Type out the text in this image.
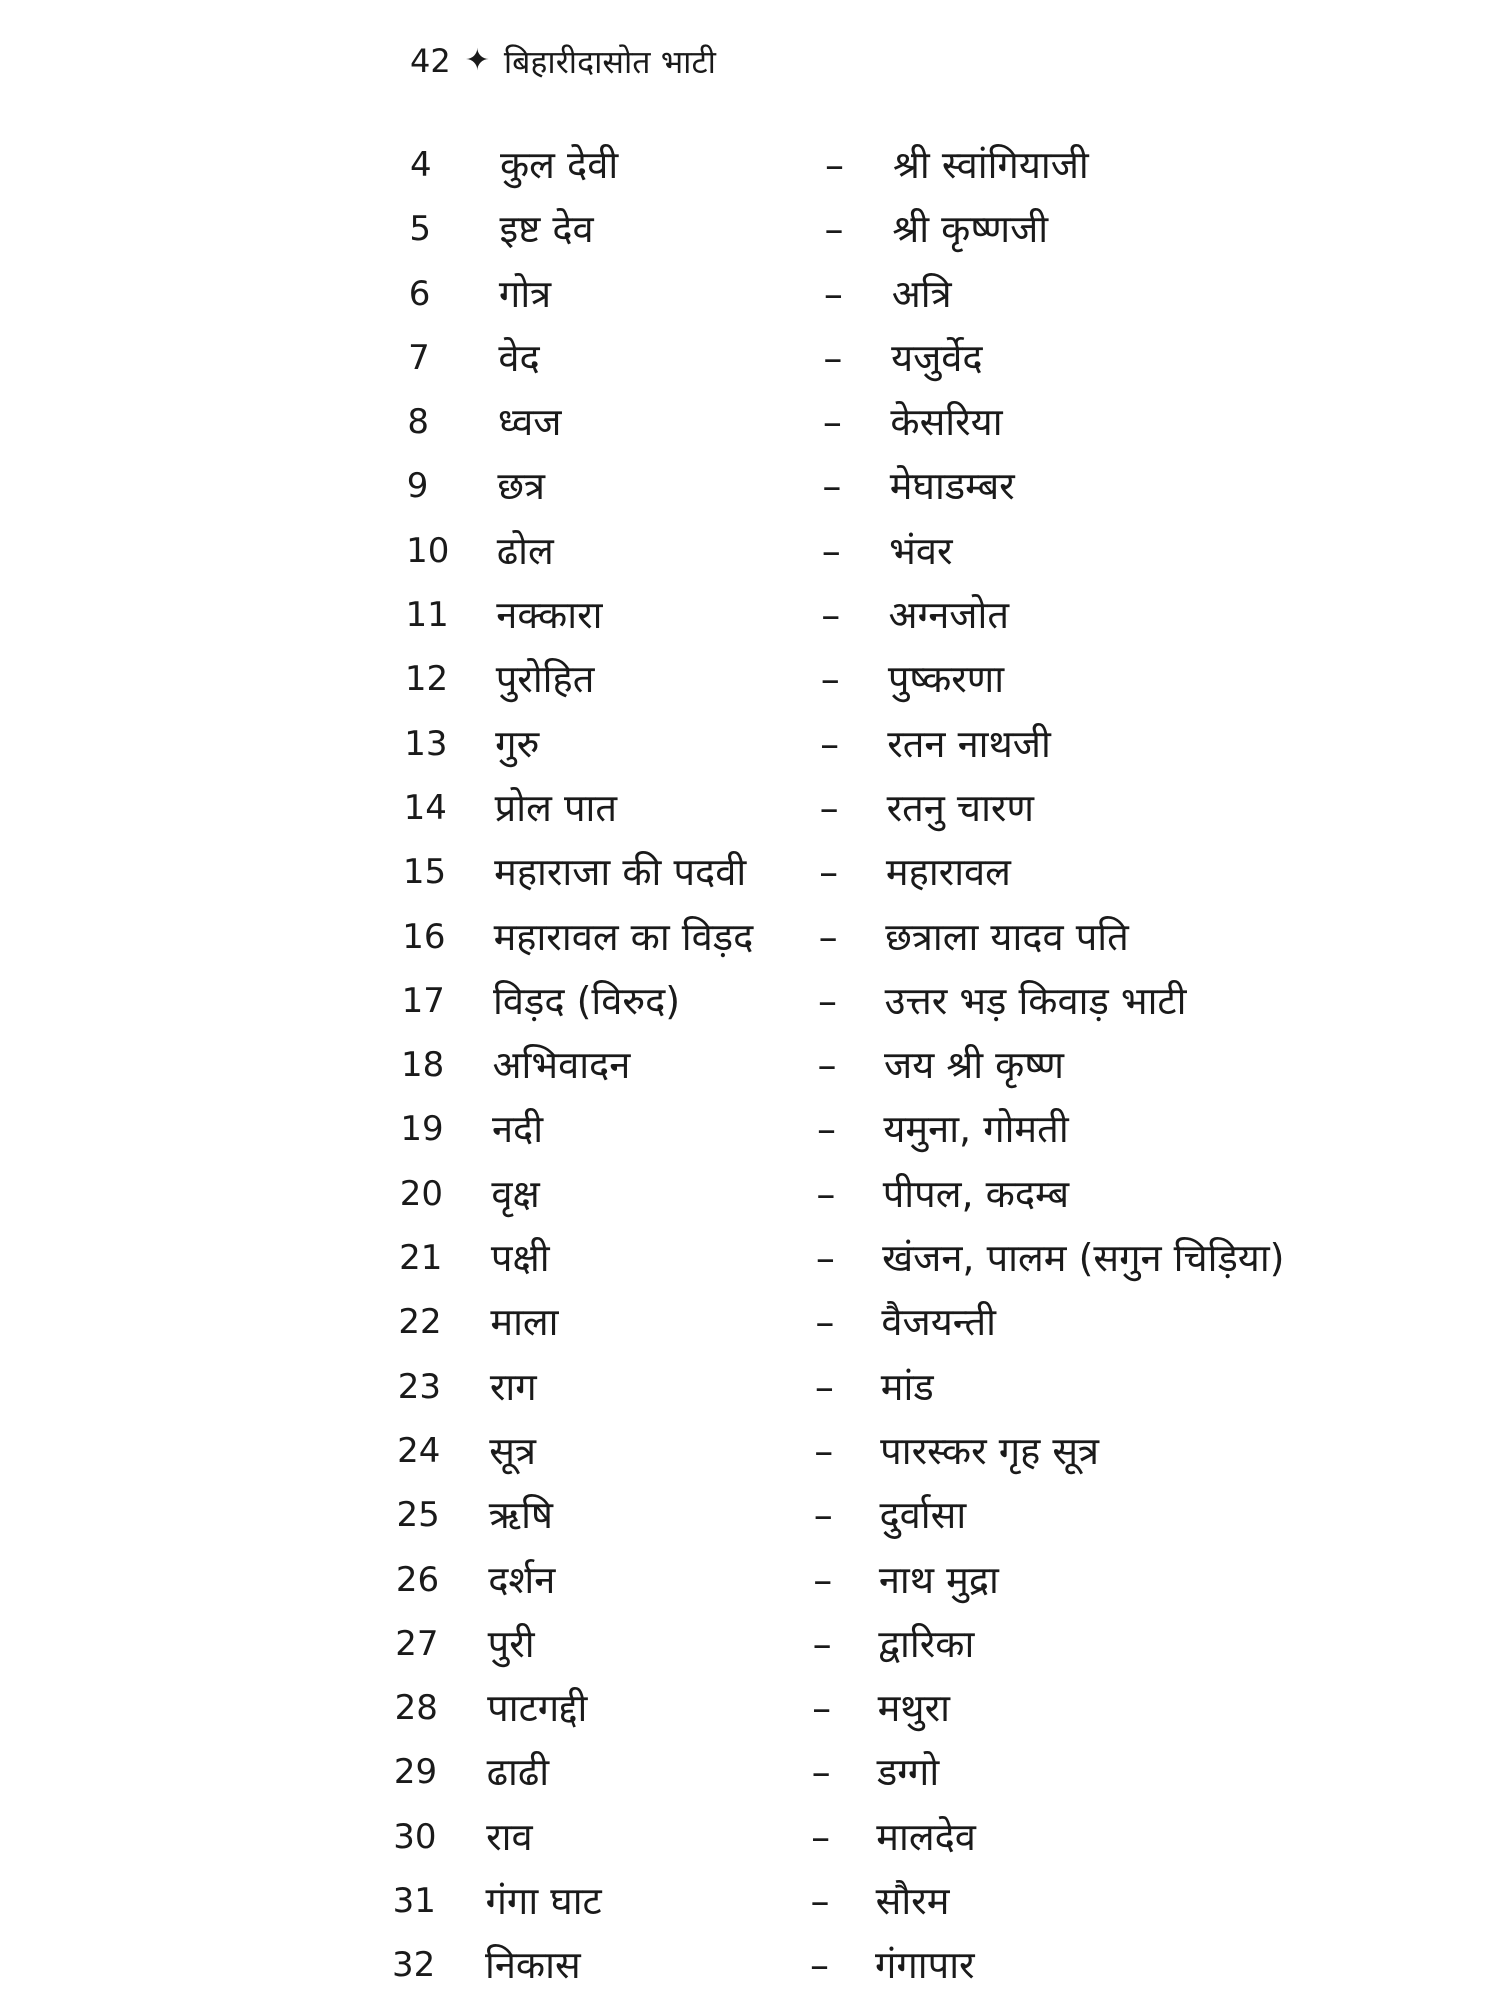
42 ✦ बिहारीदासोत भाटी
4 कुल देवी	– श्री स्वांगियाजी
5 इष्ट देव	– श्री कृष्णजी
6 गोत्र	– अत्रि
7 वेद	– यजुर्वेद
8 ध्वज	– केसरिया
9 छत्र	– मेघाडम्बर
10 ढोल	– भंवर
11 नक्कारा	– अग्नजोत
12 पुरोहित	– पुष्करणा
13 गुरु	– रतन नाथजी
14 प्रोल पात	– रतनु चारण
15 महाराजा की पदवी – महारावल
16 महारावल का विड़द – छत्राला यादव पति
17 विड़द (विरुद)	– उत्तर भड़ किवाड़ भाटी
18 अभिवादन	– जय श्री कृष्ण
19 नदी	– यमुना, गोमती
20 वृक्ष	– पीपल, कदम्ब
21 पक्षी	– खंजन, पालम (सगुन चिड़िया)
22 माला	– वैजयन्ती
23 राग	– मांड
24 सूत्र	– पारस्कर गृह सूत्र
25 ऋषि	– दुर्वासा
26 दर्शन	– नाथ मुद्रा
27 पुरी	– द्वारिका
28 पाटगद्दी	– मथुरा
29 ढाढी	– डग्गो
30 राव	– मालदेव
31 गंगा घाट	– सौरम
32 निकास	– गंगापार
